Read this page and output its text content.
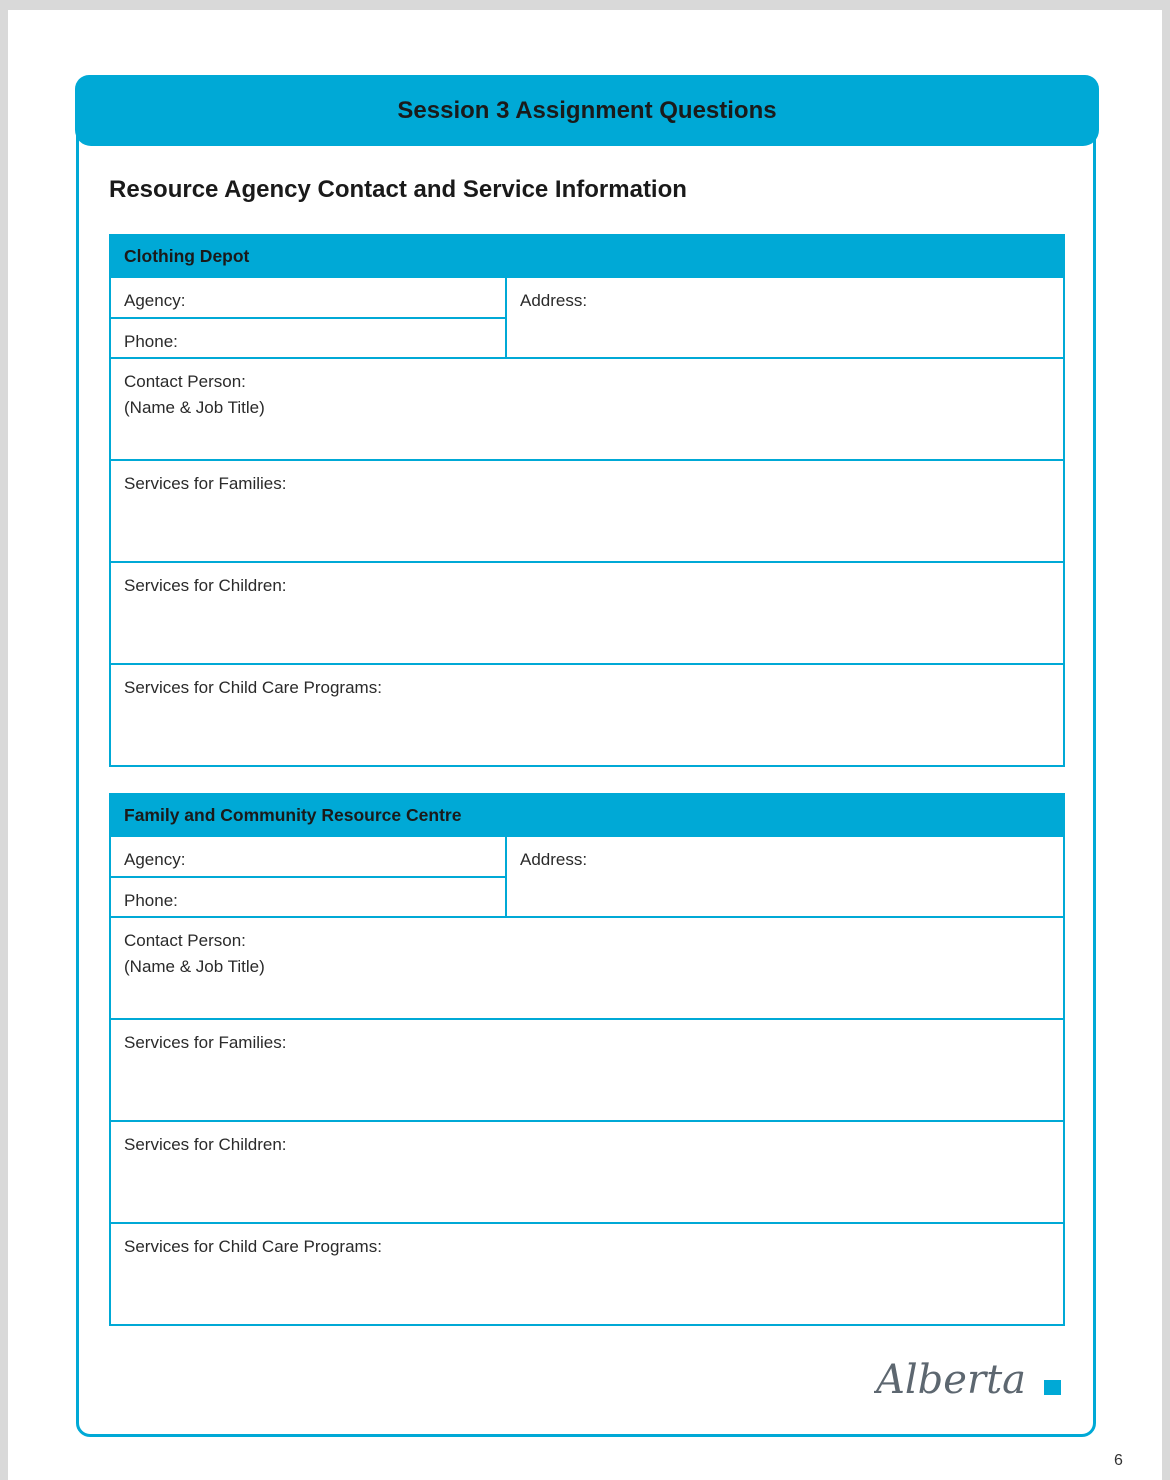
Session 3 Assignment Questions
Resource Agency Contact and Service Information
Clothing Depot
Agency:	Address:
Phone:

Contact Person:
(Name & Job Title)

Services for Families:
Services for Children:
Services for Child Care Programs:
Family and Community Resource Centre
Agency:	Address:
Phone:

Contact Person:
(Name & Job Title)

Services for Families:
Services for Children:
Services for Child Care Programs:
Alberta
6
